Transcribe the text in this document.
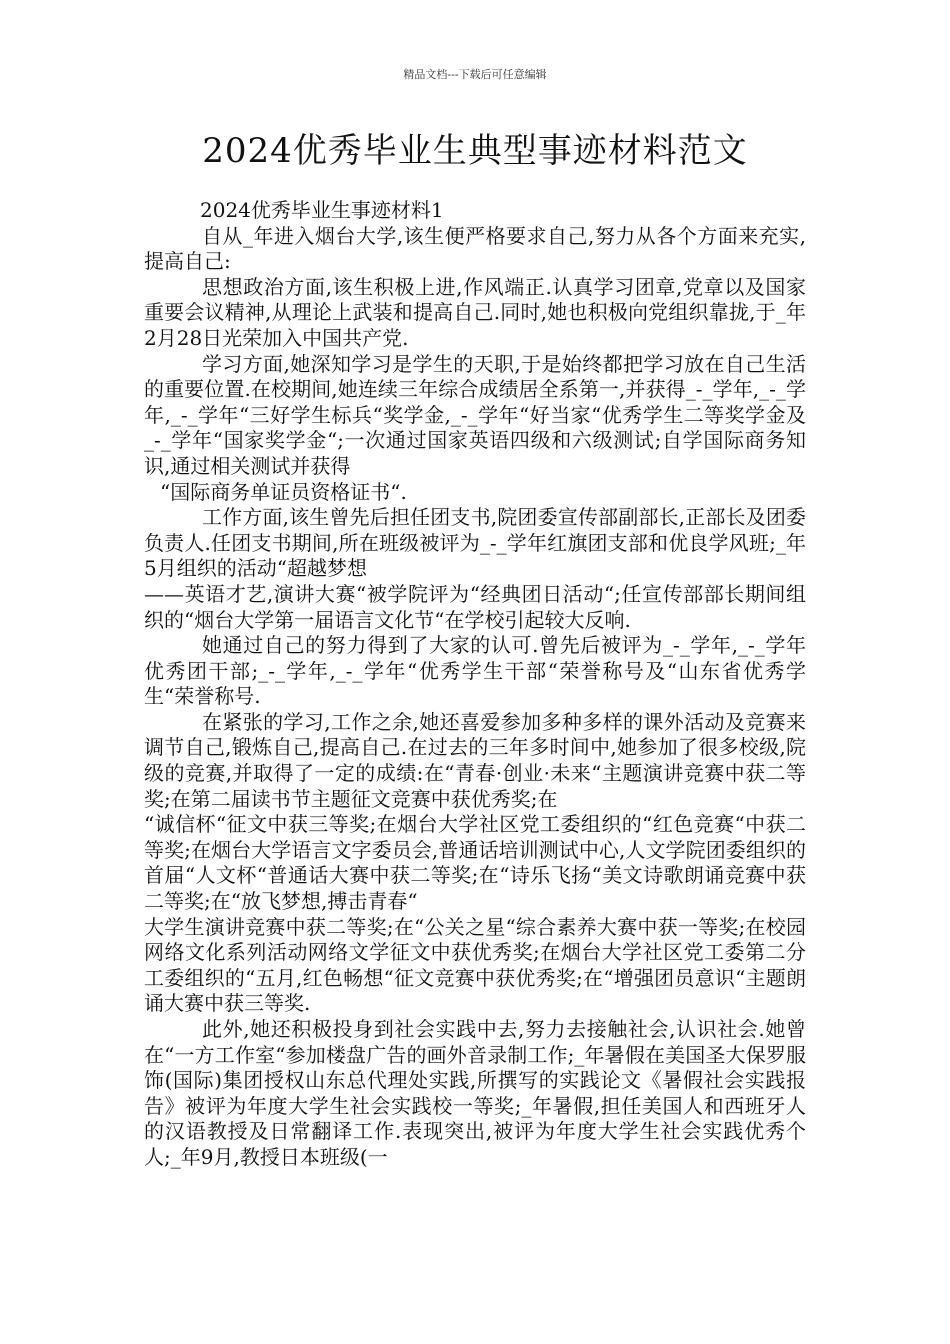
精品文档---下载后可任意编辑
2024优秀毕业生典型事迹材料范文

2024优秀毕业生事迹材料1

自从_年进入烟台大学,该生便严格要求自己,努力从各个方面来充实,提高自己:

思想政治方面,该生积极上进,作风端正.认真学习团章,党章以及国家重要会议精神,从理论上武装和提高自己.同时,她也积极向党组织靠拢,于_年2月28日光荣加入中国共产党.

学习方面,她深知学习是学生的天职,于是始终都把学习放在自己生活的重要位置.在校期间,她连续三年综合成绩居全系第一,并获得_-_学年,_-_学年,_-_学年“三好学生标兵“奖学金,_-_学年“好当家“优秀学生二等奖学金及_-_学年“国家奖学金“;一次通过国家英语四级和六级测试;自学国际商务知识,通过相关测试并获得

“国际商务单证员资格证书“.

工作方面,该生曾先后担任团支书,院团委宣传部副部长,正部长及团委负责人.任团支书期间,所在班级被评为_-_学年红旗团支部和优良学风班;_年5月组织的活动“超越梦想

——英语才艺,演讲大赛“被学院评为“经典团日活动“;任宣传部部长期间组织的“烟台大学第一届语言文化节“在学校引起较大反响.

她通过自己的努力得到了大家的认可.曾先后被评为_-_学年,_-_学年优秀团干部;_-_学年,_-_学年“优秀学生干部“荣誉称号及“山东省优秀学生“荣誉称号.

在紧张的学习,工作之余,她还喜爱参加多种多样的课外活动及竞赛来调节自己,锻炼自己,提高自己.在过去的三年多时间中,她参加了很多校级,院级的竞赛,并取得了一定的成绩:在“青春·创业·未来“主题演讲竞赛中获二等奖;在第二届读书节主题征文竞赛中获优秀奖;在

“诚信杯“征文中获三等奖;在烟台大学社区党工委组织的“红色竞赛“中获二等奖;在烟台大学语言文字委员会,普通话培训测试中心,人文学院团委组织的首届“人文杯“普通话大赛中获二等奖;在“诗乐飞扬“美文诗歌朗诵竞赛中获二等奖;在“放飞梦想,搏击青春“

大学生演讲竞赛中获二等奖;在“公关之星“综合素养大赛中获一等奖;在校园网络文化系列活动网络文学征文中获优秀奖;在烟台大学社区党工委第二分工委组织的“五月,红色畅想“征文竞赛中获优秀奖;在“增强团员意识“主题朗诵大赛中获三等奖.

此外,她还积极投身到社会实践中去,努力去接触社会,认识社会.她曾在“一方工作室“参加楼盘广告的画外音录制工作;_年暑假在美国圣大保罗服饰(国际)集团授权山东总代理处实践,所撰写的实践论文《暑假社会实践报告》被评为年度大学生社会实践校一等奖;_年暑假,担任美国人和西班牙人的汉语教授及日常翻译工作.表现突出,被评为年度大学生社会实践优秀个人;_年9月,教授日本班级(一
